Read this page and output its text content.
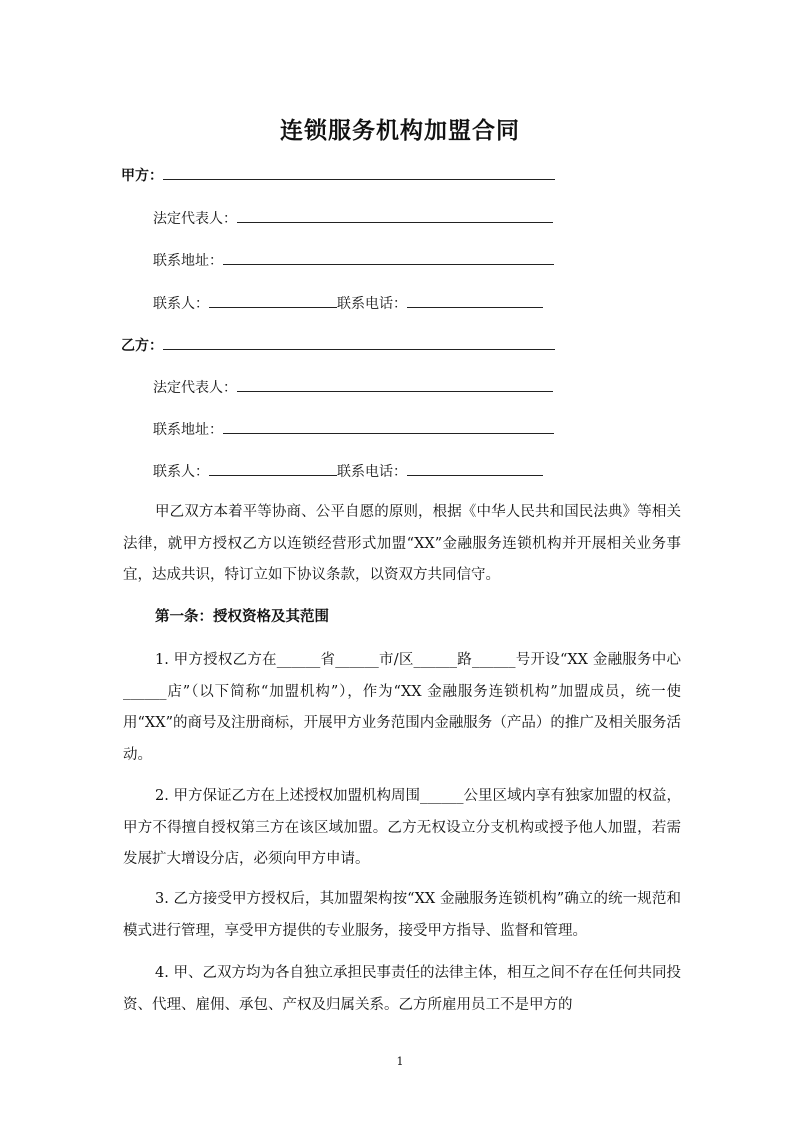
连锁服务机构加盟合同
甲方：
法定代表人：
联系地址：
联系人：	联系电话：
乙方：
法定代表人：
联系地址：
联系人：	联系电话：
甲乙双方本着平等协商、公平自愿的原则，根据《中华人民共和国民法典》等相关法律，就甲方授权乙方以连锁经营形式加盟“XX”金融服务连锁机构并开展相关业务事宜，达成共识，特订立如下协议条款，以资双方共同信守。
第一条：授权资格及其范围
1. 甲方授权乙方在______省______市/区______路______号开设“XX 金融服务中心______店”（以下简称“加盟机构”），作为“XX 金融服务连锁机构”加盟成员，统一使用“XX”的商号及注册商标，开展甲方业务范围内金融服务（产品）的推广及相关服务活动。
2. 甲方保证乙方在上述授权加盟机构周围______公里区域内享有独家加盟的权益，甲方不得擅自授权第三方在该区域加盟。乙方无权设立分支机构或授予他人加盟，若需发展扩大增设分店，必须向甲方申请。
3. 乙方接受甲方授权后，其加盟架构按“XX 金融服务连锁机构”确立的统一规范和模式进行管理，享受甲方提供的专业服务，接受甲方指导、监督和管理。
4. 甲、乙双方均为各自独立承担民事责任的法律主体，相互之间不存在任何共同投资、代理、雇佣、承包、产权及归属关系。乙方所雇用员工不是甲方的
1
